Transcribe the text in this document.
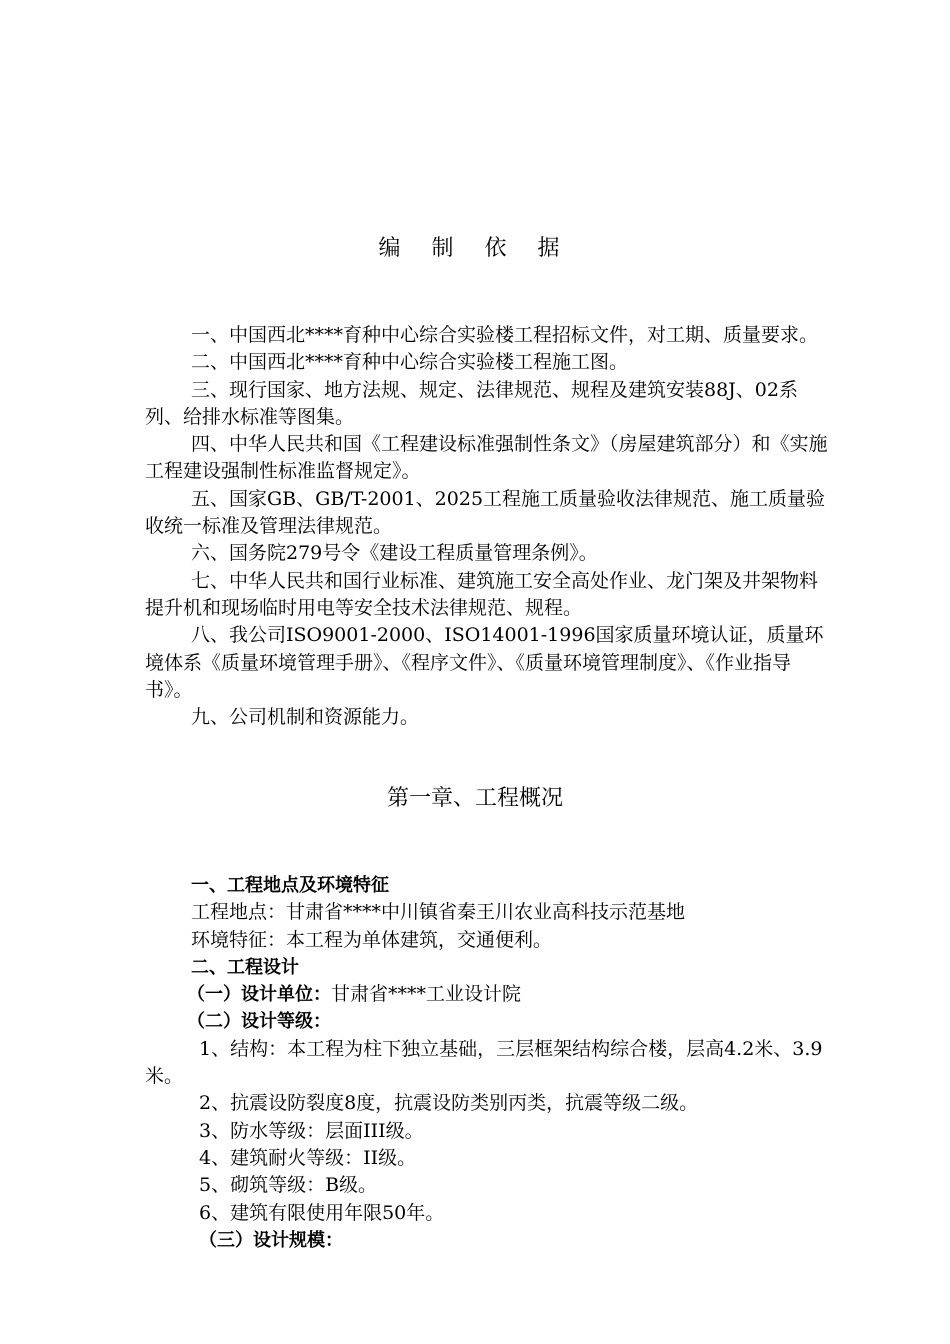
编 制 依 据

一、中国西北****育种中心综合实验楼工程招标文件，对工期、质量要求。

二、中国西北****育种中心综合实验楼工程施工图。

三、现行国家、地方法规、规定、法律规范、规程及建筑安装88J、02系列、给排水标准等图集。

四、中华人民共和国《工程建设标准强制性条文》（房屋建筑部分）和《实施工程建设强制性标准监督规定》。

五、国家GB、GB/T-2001、2025工程施工质量验收法律规范、施工质量验收统一标准及管理法律规范。

六、国务院279号令《建设工程质量管理条例》。

七、中华人民共和国行业标准、建筑施工安全高处作业、龙门架及井架物料提升机和现场临时用电等安全技术法律规范、规程。

八、我公司ISO9001-2000、ISO14001-1996国家质量环境认证，质量环境体系《质量环境管理手册》、《程序文件》、《质量环境管理制度》、《作业指导书》。

九、公司机制和资源能力。

第一章、工程概况

一、工程地点及环境特征

工程地点：甘肃省****中川镇省秦王川农业高科技示范基地

环境特征：本工程为单体建筑，交通便利。

二、工程设计

（一）设计单位：甘肃省****工业设计院

（二）设计等级：

1、结构：本工程为柱下独立基础，三层框架结构综合楼，层高4.2米、3.9米。

2、抗震设防裂度8度，抗震设防类别丙类，抗震等级二级。

3、防水等级：层面III级。

4、建筑耐火等级：II级。

5、砌筑等级：B级。

6、建筑有限使用年限50年。

（三）设计规模：
